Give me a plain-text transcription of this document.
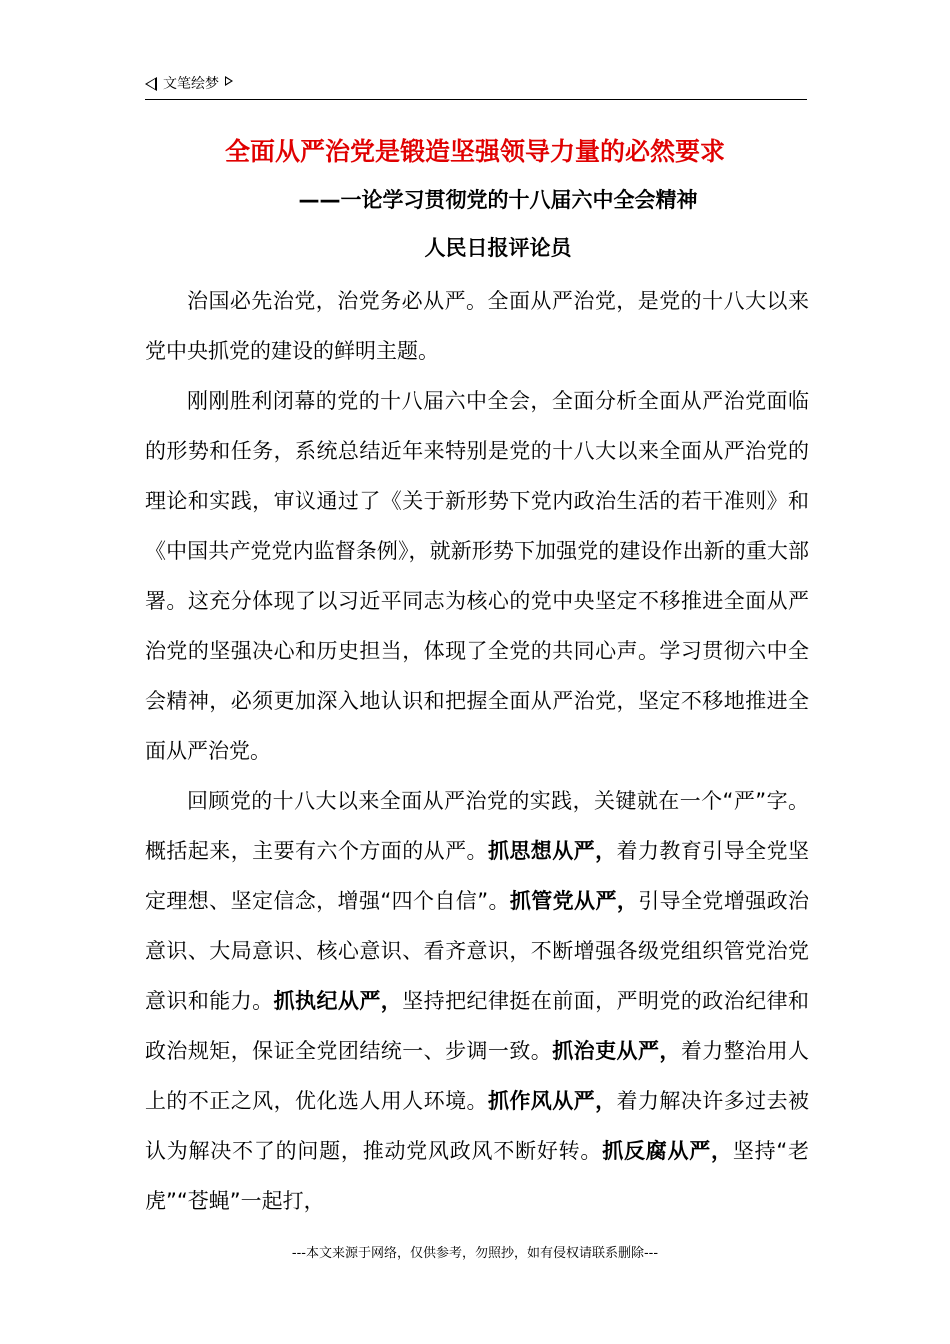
文笔绘梦
全面从严治党是锻造坚强领导力量的必然要求
——一论学习贯彻党的十八届六中全会精神
人民日报评论员

治国必先治党，治党务必从严。全面从严治党，是党的十八大以来党中央抓党的建设的鲜明主题。

刚刚胜利闭幕的党的十八届六中全会，全面分析全面从严治党面临的形势和任务，系统总结近年来特别是党的十八大以来全面从严治党的理论和实践，审议通过了《关于新形势下党内政治生活的若干准则》和《中国共产党党内监督条例》，就新形势下加强党的建设作出新的重大部署。这充分体现了以习近平同志为核心的党中央坚定不移推进全面从严治党的坚强决心和历史担当，体现了全党的共同心声。学习贯彻六中全会精神，必须更加深入地认识和把握全面从严治党，坚定不移地推进全面从严治党。

回顾党的十八大以来全面从严治党的实践，关键就在一个“严”字。概括起来，主要有六个方面的从严。抓思想从严，着力教育引导全党坚定理想、坚定信念，增强“四个自信”。抓管党从严，引导全党增强政治意识、大局意识、核心意识、看齐意识，不断增强各级党组织管党治党意识和能力。抓执纪从严，坚持把纪律挺在前面，严明党的政治纪律和政治规矩，保证全党团结统一、步调一致。抓治吏从严，着力整治用人上的不正之风，优化选人用人环境。抓作风从严，着力解决许多过去被认为解决不了的问题，推动党风政风不断好转。抓反腐从严，坚持“老虎”“苍蝇”一起打，

---本文来源于网络，仅供参考，勿照抄，如有侵权请联系删除---
